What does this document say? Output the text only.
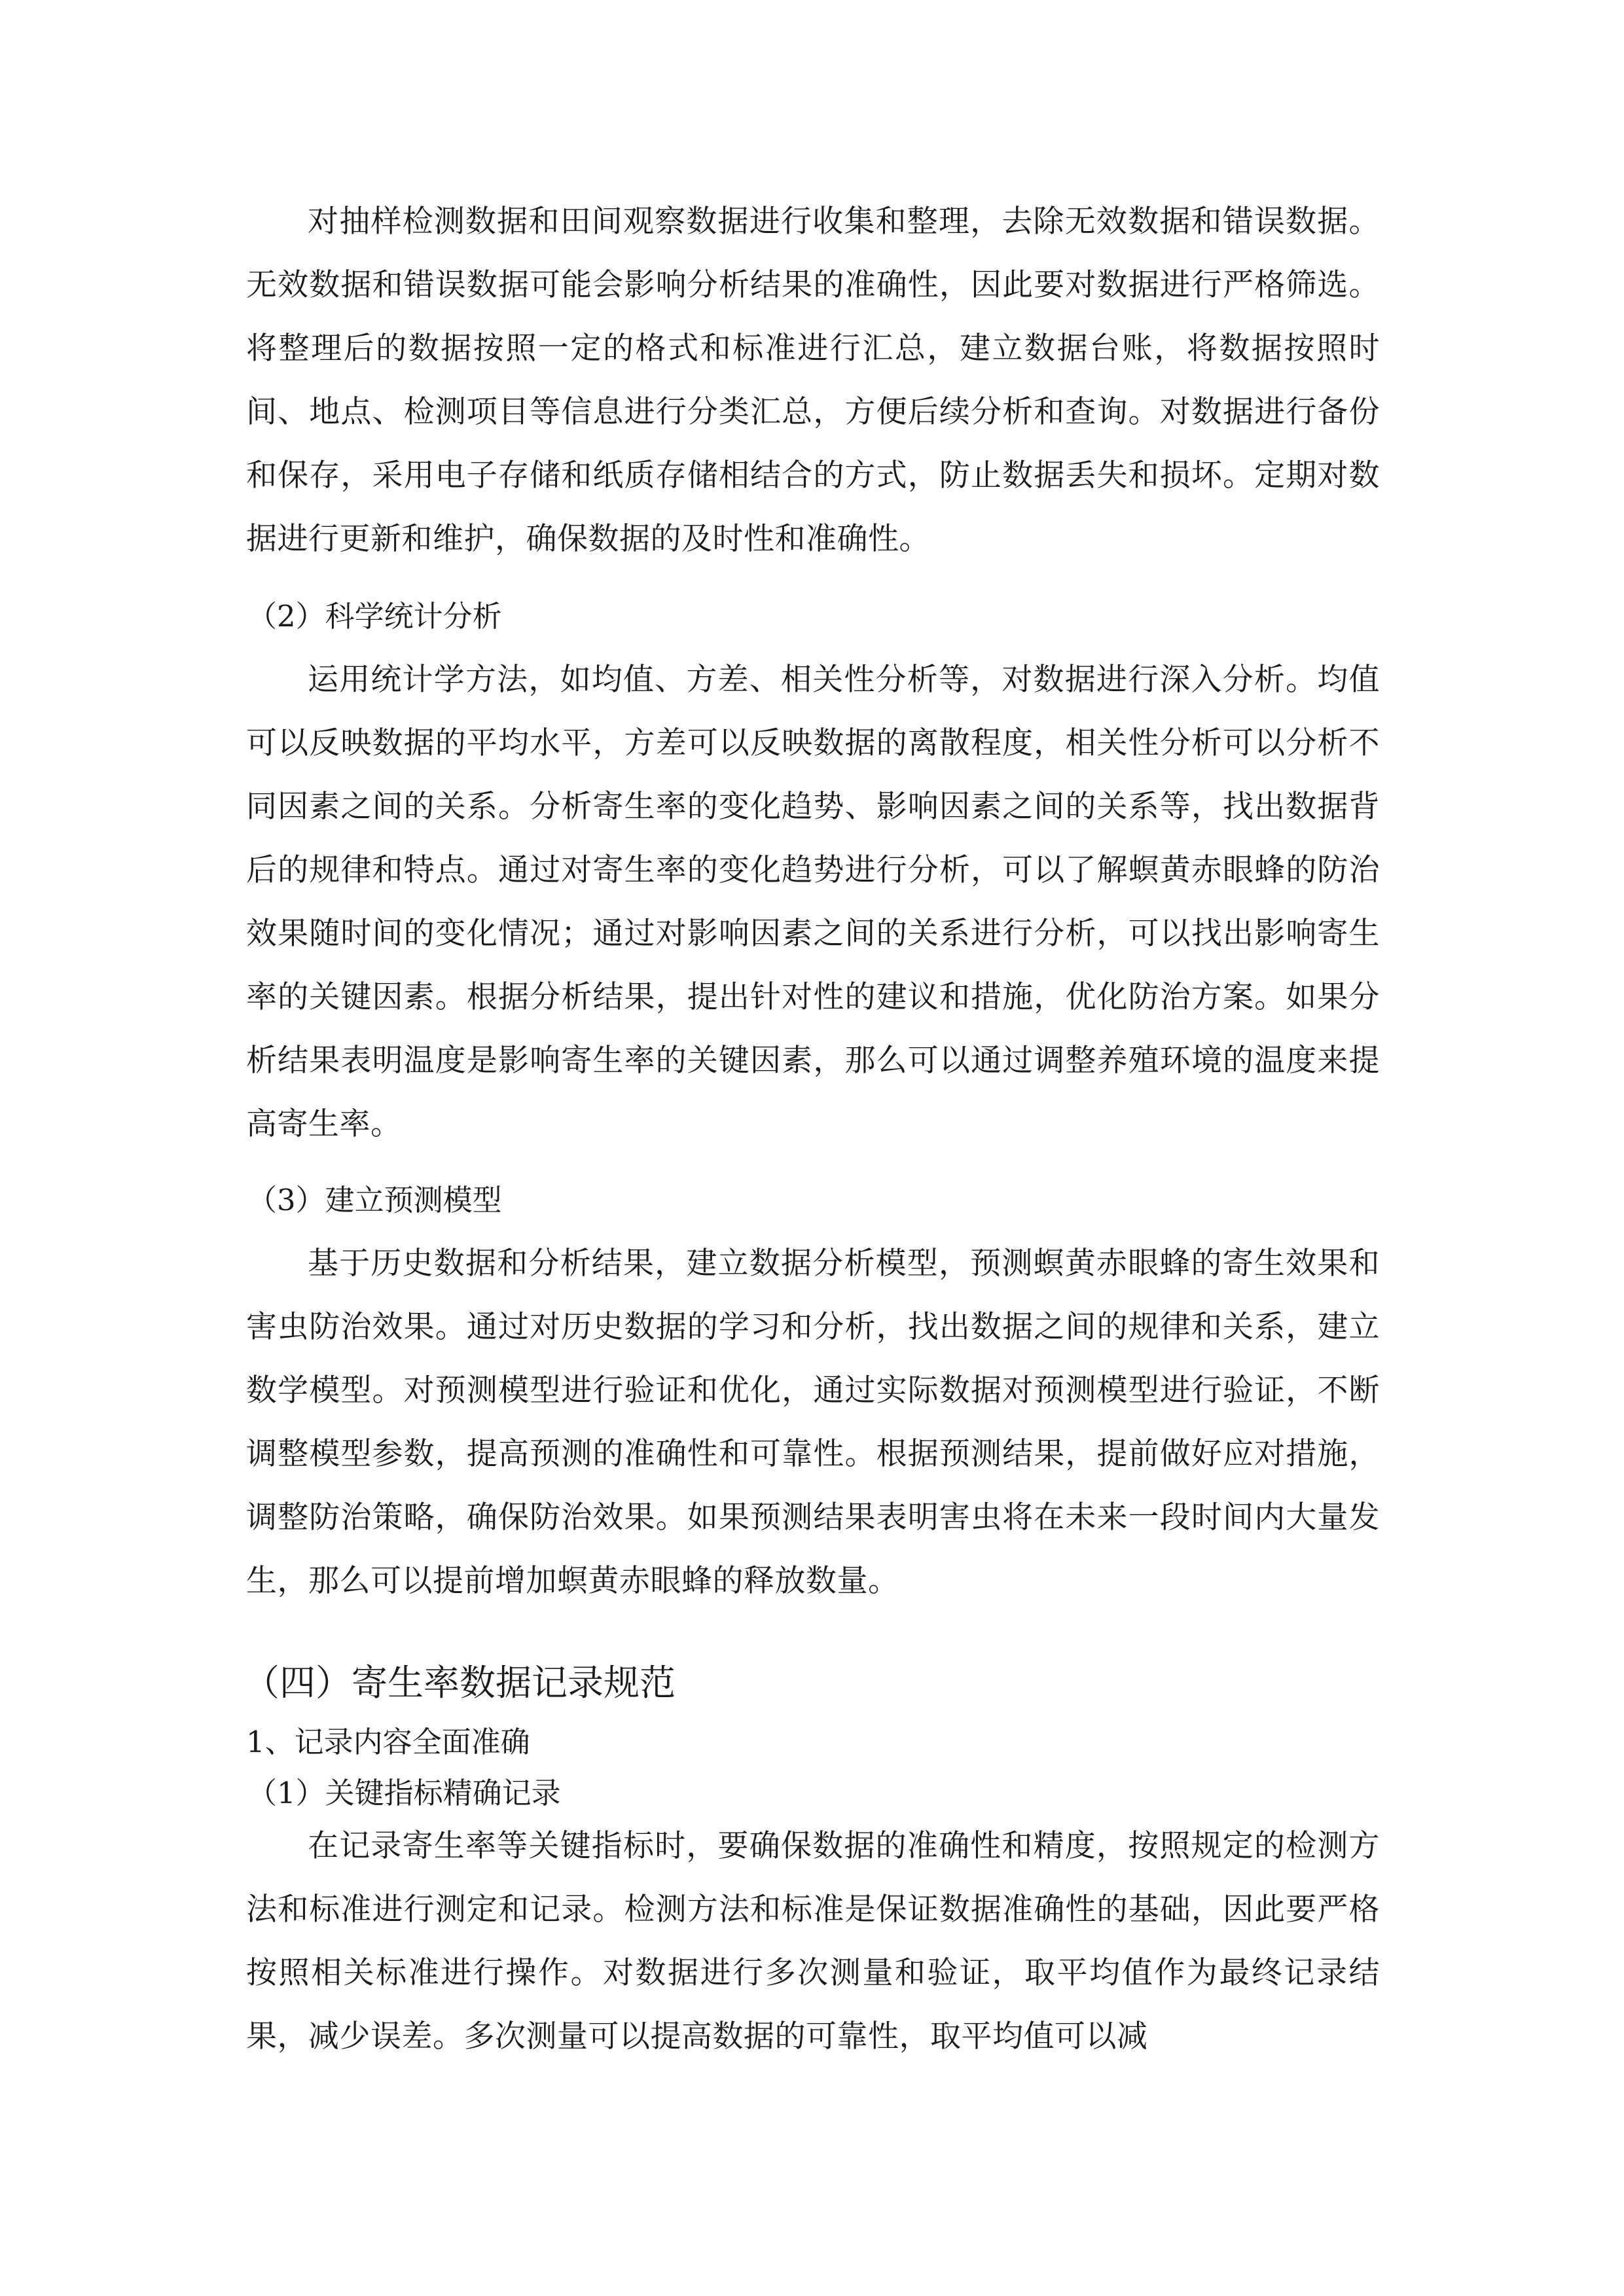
对抽样检测数据和田间观察数据进行收集和整理，去除无效数据和错误数据。无效数据和错误数据可能会影响分析结果的准确性，因此要对数据进行严格筛选。将整理后的数据按照一定的格式和标准进行汇总，建立数据台账，将数据按照时间、地点、检测项目等信息进行分类汇总，方便后续分析和查询。对数据进行备份和保存，采用电子存储和纸质存储相结合的方式，防止数据丢失和损坏。定期对数据进行更新和维护，确保数据的及时性和准确性。

（2）科学统计分析

运用统计学方法，如均值、方差、相关性分析等，对数据进行深入分析。均值可以反映数据的平均水平，方差可以反映数据的离散程度，相关性分析可以分析不同因素之间的关系。分析寄生率的变化趋势、影响因素之间的关系等，找出数据背后的规律和特点。通过对寄生率的变化趋势进行分析，可以了解螟黄赤眼蜂的防治效果随时间的变化情况；通过对影响因素之间的关系进行分析，可以找出影响寄生率的关键因素。根据分析结果，提出针对性的建议和措施，优化防治方案。如果分析结果表明温度是影响寄生率的关键因素，那么可以通过调整养殖环境的温度来提高寄生率。

（3）建立预测模型

基于历史数据和分析结果，建立数据分析模型，预测螟黄赤眼蜂的寄生效果和害虫防治效果。通过对历史数据的学习和分析，找出数据之间的规律和关系，建立数学模型。对预测模型进行验证和优化，通过实际数据对预测模型进行验证，不断调整模型参数，提高预测的准确性和可靠性。根据预测结果，提前做好应对措施，调整防治策略，确保防治效果。如果预测结果表明害虫将在未来一段时间内大量发生，那么可以提前增加螟黄赤眼蜂的释放数量。

（四）寄生率数据记录规范

1、记录内容全面准确

（1）关键指标精确记录

在记录寄生率等关键指标时，要确保数据的准确性和精度，按照规定的检测方法和标准进行测定和记录。检测方法和标准是保证数据准确性的基础，因此要严格按照相关标准进行操作。对数据进行多次测量和验证，取平均值作为最终记录结果，减少误差。多次测量可以提高数据的可靠性，取平均值可以减
